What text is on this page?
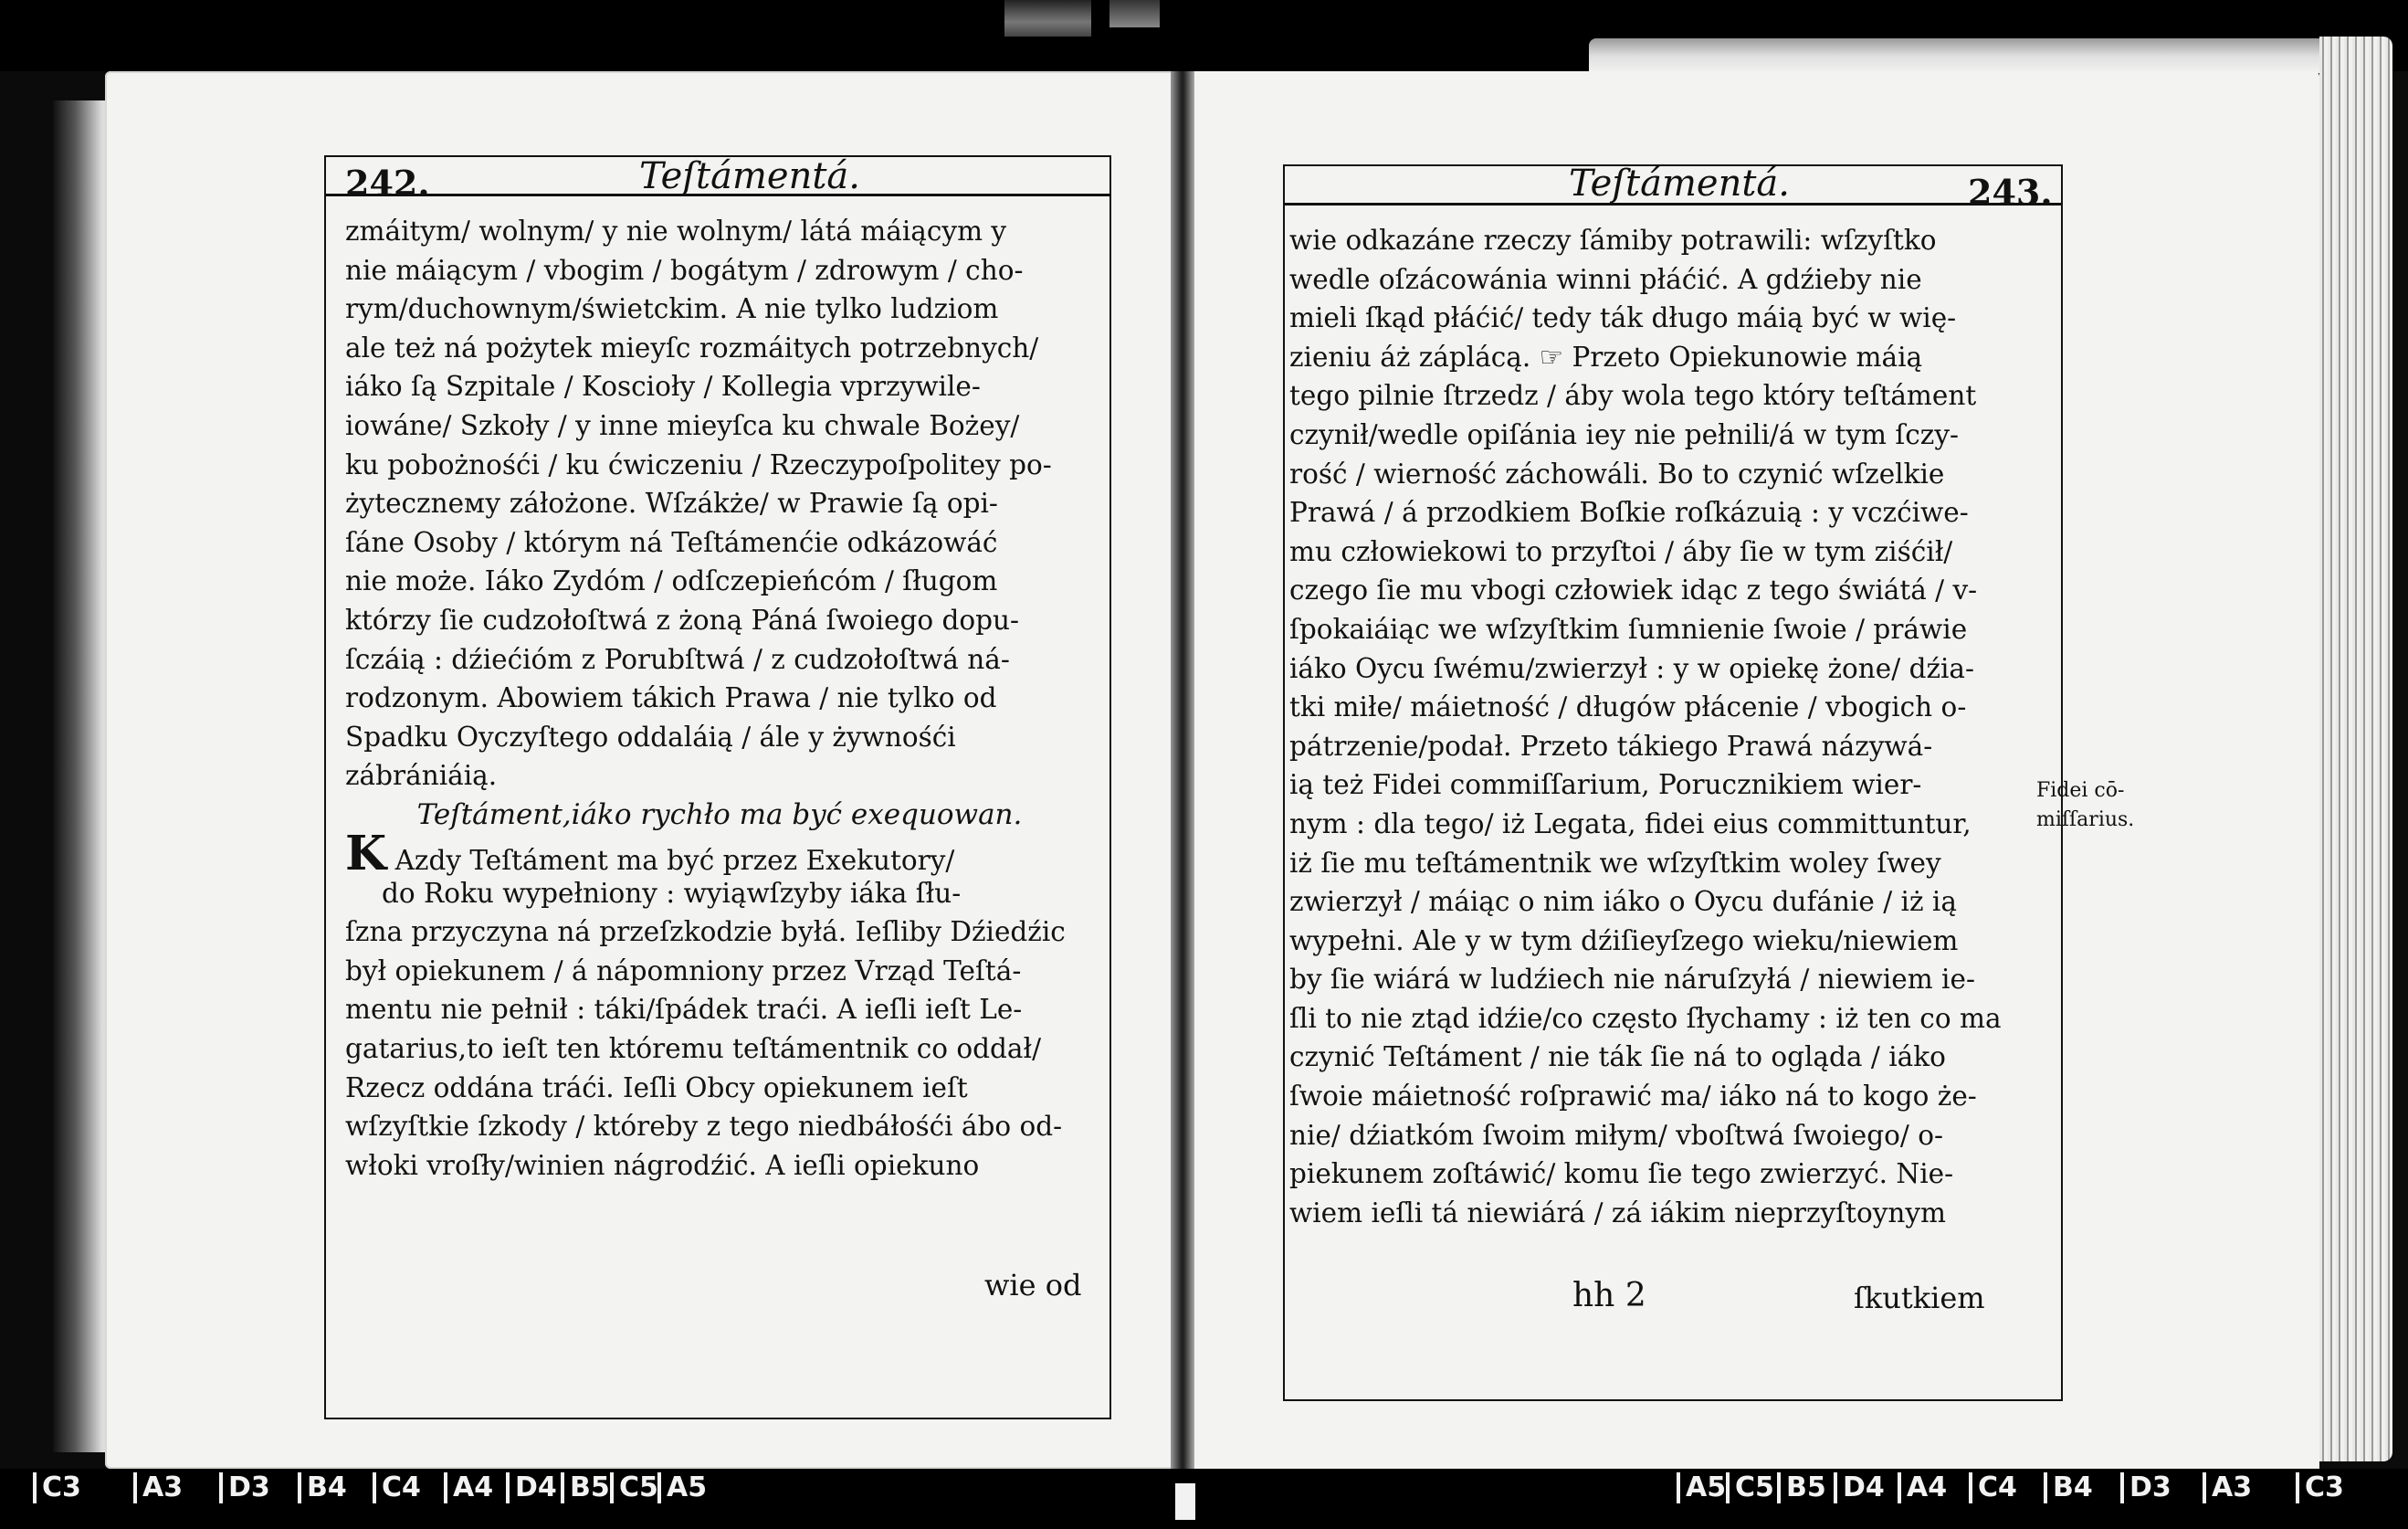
242.	Teſtámentá.
zmáitym/ wolnym/ y nie wolnym/ látá máiącym y
nie máiącym / vbogim / bogátym / zdrowym / cho-
rym/duchownym/świetckim. A nie tylko ludziom
ale też ná pożytek mieyſc rozmáitych potrzebnych/
iáko ſą Szpitale / Koscioły / Kollegia vprzywile-
iowáne/ Szkoły / y inne mieyſca ku chwale Bożey/
ku pobożnośći / ku ćwiczeniu / Rzeczypoſpolitey po-
żyteczneму záłożone. Wſzákże/ w Prawie ſą opi-
ſáne Osoby / którym ná Teſtámenćie odkázowáć
nie może. Iáko Zydóm / odſczepieńcóm / ſługom
którzy ſie cudzołoſtwá z żoną Páná ſwoiego dopu-
ſczáią : dźiećióm z Porubſtwá / z cudzołoſtwá ná-
rodzonym. Abowiem tákich Prawa / nie tylko od
Spadku Oyczyſtego oddaláią / ále y żywnośći
zábrániáią.
Teſtáment,iáko rychło ma być exequowan.
K Azdy Teſtáment ma być przez Exekutory/
do Roku wypełniony : wyiąwſzyby iáka ſłu-
ſzna przyczyna ná przeſzkodzie byłá. Ieſliby Dźiedźic
był opiekunem / á nápomniony przez Vrząd Teſtá-
mentu nie pełnił : táki/ſpádek traći. A ieſli ieſt Le-
gatarius,to ieſt ten któremu teſtámentnik co oddał/
Rzecz oddána tráći. Ieſli Obcy opiekunem ieſt
wſzyſtkie ſzkody / któreby z tego niedbáłośći ábo od-
włoki vroſły/winien nágrodźić. A ieſli opiekuno
wie od
Teſtámentá.	243.
wie odkazáne rzeczy ſámiby potrawili: wſzyſtko
wedle oſzácowánia winni płáćić. A gdźieby nie
mieli ſkąd płáćić/ tedy ták długo máią być w wię-
zieniu áż záplácą. ☞ Przeto Opiekunowie máią
tego pilnie ſtrzedz / áby wola tego który teſtáment
czynił/wedle opiſánia iey nie pełnili/á w tym ſczy-
rość / wierność záchowáli. Bo to czynić wſzelkie
Prawá / á przodkiem Boſkie roſkázuią : y vczćiwe-
mu człowiekowi to przyſtoi / áby ſie w tym ziśćił/
czego ſie mu vbogi człowiek idąc z tego świátá / v-
ſpokaiáiąc we wſzyſtkim ſumnienie ſwoie / práwie
iáko Oycu ſwému/zwierzył : y w opiekę żone/ dźia-
tki miłe/ máietność / długów płácenie / vbogich o-
pátrzenie/podał. Przeto tákiego Prawá názywá-
ią też Fidei commiſſarium, Porucznikiem wier-
nym : dla tego/ iż Legata, fidei eius committuntur,
iż ſie mu teſtámentnik we wſzyſtkim woley ſwey
zwierzył / máiąc o nim iáko o Oycu dufánie / iż ią
wypełni. Ale y w tym dźiſieyſzego wieku/niewiem
by ſie wiárá w ludźiech nie náruſzyłá / niewiem ie-
ſli to nie ztąd idźie/co często ſłychamy : iż ten co ma
czynić Teſtáment / nie ták ſie ná to ogląda / iáko
ſwoie máietność roſprawić ma/ iáko ná to kogo że-
nie/ dźiatkóm ſwoim miłym/ vboſtwá ſwoiego/ o-
piekunem zoſtáwić/ komu ſie tego zwierzyć. Nie-
wiem ieſli tá niewiárá / zá iákim nieprzyſtoynym
hh 2	ſkutkiem
Fidei cō-miſſarius.
C3	A3	D3	B4	C4	A4 D4 B5 C5 A5	A5 C5 B5 D4 A4	C4	B4	D3	A3	C3
